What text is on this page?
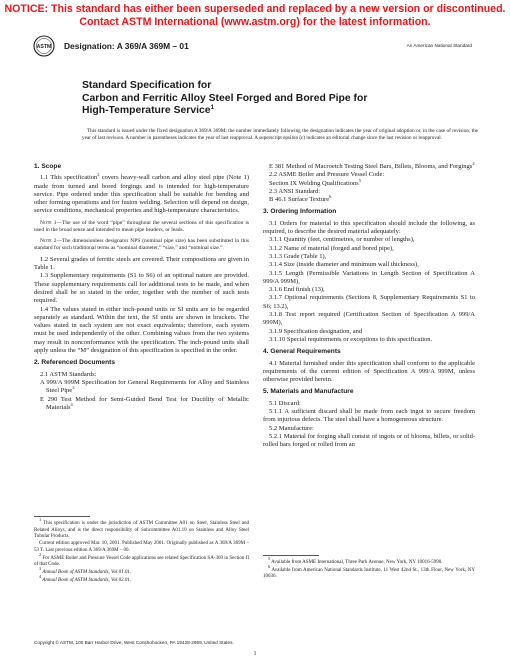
NOTICE: This standard has either been superseded and replaced by a new version or discontinued.
Contact ASTM International (www.astm.org) for the latest information.
ASTM Designation: A 369/A 369M – 01	An American National Standard
Standard Specification for
Carbon and Ferritic Alloy Steel Forged and Bored Pipe for
High-Temperature Service$^1$

This standard is issued under the fixed designation A 369/A 369M; the number immediately following the designation indicates the year of original adoption or, in the case of revision, the year of last revision. A number in parentheses indicates the year of last reapproval. A superscript epsilon (ε) indicates an editorial change since the last revision or reapproval.

1. Scope

1.1 This specification$^2$ covers heavy-wall carbon and alloy steel pipe (Note 1) made from turned and bored forgings and is intended for high-temperature service. Pipe ordered under this specification shall be suitable for bending and other forming operations and for fusion welding. Selection will depend on design, service conditions, mechanical properties and high-temperature characteristics.

Note 1—The use of the word “pipe” throughout the several sections of this specification is used in the broad sense and intended to mean pipe headers, or leads.

Note 2—The dimensionless designator NPS (nominal pipe size) has been substituted in this standard for such traditional terms as “nominal diameter,” “size,” and “nominal size.”

1.2 Several grades of ferritic steels are covered. Their compositions are given in Table 1.

1.3 Supplementary requirements (S1 to S6) of an optional nature are provided. These supplementary requirements call for additional tests to be made, and when desired shall be so stated in the order, together with the number of such tests required.

1.4 The values stated in either inch-pound units or SI units are to be regarded separately as standard. Within the text, the SI units are shown in brackets. The values stated in each system are not exact equivalents; therefore, each system must be used independently of the other. Combining values from the two systems may result in nonconformance with the specification. The inch-pound units shall apply unless the “M” designation of this specification is specified in the order.

2. Referenced Documents

2.1 ASTM Standards:

A 999/A 999M Specification for General Requirements for Alloy and Stainless Steel Pipe$^3$

E 290 Test Method for Semi-Guided Bend Test for Ductility of Metallic Materials$^4$

E 381 Method of Macroetch Testing Steel Bars, Billets, Blooms, and Forgings$^4$

2.2 ASME Boiler and Pressure Vessel Code:

Section IX Welding Qualifications$^5$

2.3 ANSI Standard:

B 46.1 Surface Texture$^6$

3. Ordering Information

3.1 Orders for material to this specification should include the following, as required, to describe the desired material adequately:

3.1.1 Quantity (feet, centimetres, or number of lengths),

3.1.2 Name of material (forged and bored pipe),

3.1.3 Grade (Table 1),

3.1.4 Size (inside diameter and minimum wall thickness),

3.1.5 Length (Permissible Variations in Length Section of Specification A 999/A 999M),

3.1.6 End finish (13),

3.1.7 Optional requirements (Sections 8, Supplementary Requirements S1 to S6; 13.2),

3.1.8 Test report required (Certification Section of Specification A 999/A 999M),

3.1.9 Specification designation, and

3.1.10 Special requirements or exceptions to this specification.

4. General Requirements

4.1 Material furnished under this specification shall conform to the applicable requirements of the current edition of Specification A 999/A 999M, unless otherwise provided herein.

5. Materials and Manufacture

5.1 Discard:

5.1.1 A sufficient discard shall be made from each ingot to secure freedom from injurious defects. The steel shall have a homogeneous structure.

5.2 Manufacture:

5.2.1 Material for forging shall consist of ingots or of blooms, billets, or solid-rolled bars forged or rolled from an

$^1$ This specification is under the jurisdiction of ASTM Committee A01 on Steel, Stainless Steel and Related Alloys, and is the direct responsibility of Subcommittee A01.10 on Stainless and Alloy Steel Tubular Products.

Current edition approved Mar. 10, 2001. Published May 2001. Originally published as A 369/A 369M – 53 T. Last previous edition A 369/A 369M – 00.

$^2$ For ASME Boiler and Pressure Vessel Code applications see related Specification SA-369 in Section II of that Code.

$^3$ Annual Book of ASTM Standards, Vol 01.01.

$^4$ Annual Book of ASTM Standards, Vol 03.01.

$^5$ Available from ASME International, Three Park Avenue, New York, NY 10016-5990.

$^6$ Available from American National Standards Institute, 11 West 42nd St., 13th Floor, New York, NY 10036.

Copyright © ASTM, 100 Barr Harbor Drive, West Conshohocken, PA 19428-2959, United States.
1
